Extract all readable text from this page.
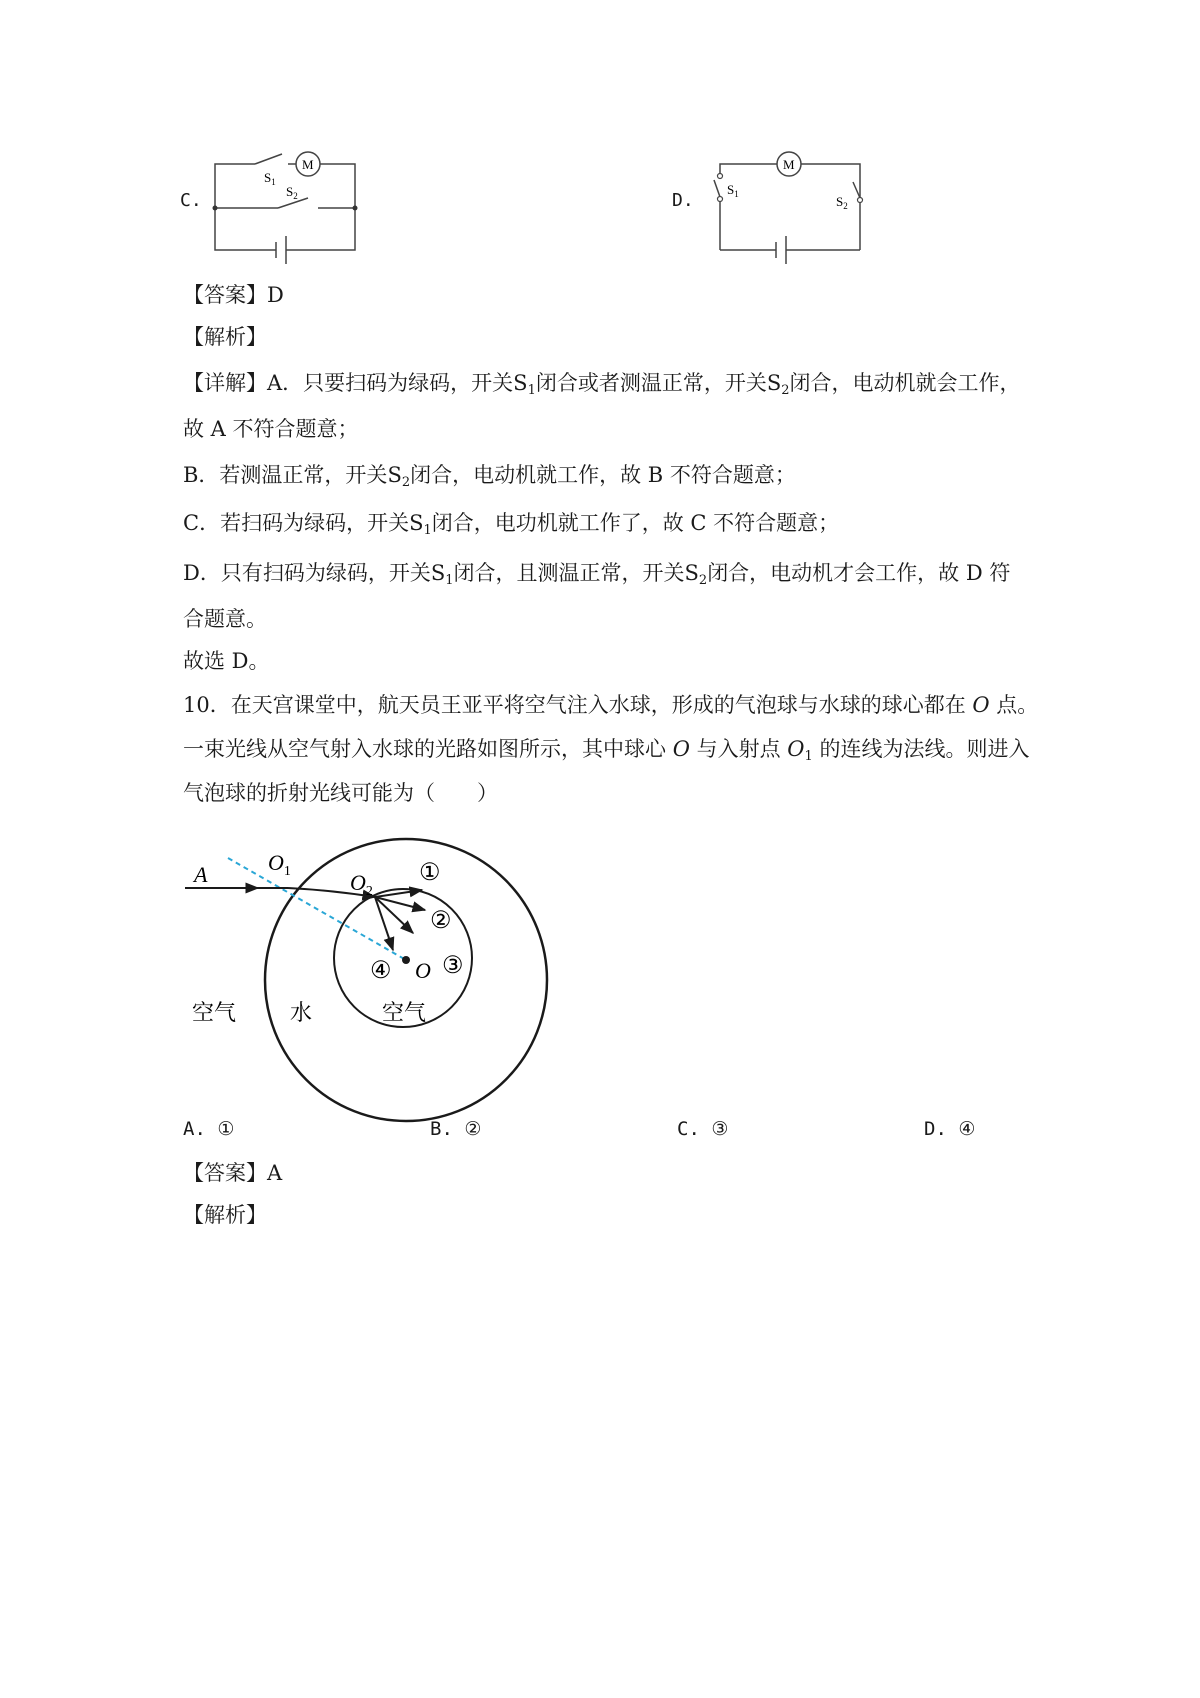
C.
M
$S_1$
$S_2$	D.
M
$S_1$	$S_2$
【答案】D
【解析】
【详解】A．只要扫码为绿码，开关$S_1$闭合或者测温正常，开关$S_2$闭合，电动机就会工作，
故 A 不符合题意；
B．若测温正常，开关$S_2$闭合，电动机就工作，故 B 不符合题意；
C．若扫码为绿码，开关$S_1$闭合，电功机就工作了，故 C 不符合题意；
D．只有扫码为绿码，开关$S_1$闭合，且测温正常，开关$S_2$闭合，电动机才会工作，故 D 符
合题意。
故选 D。
10．在天宫课堂中，航天员王亚平将空气注入水球，形成的气泡球与水球的球心都在 O 点。
一束光线从空气射入水球的光路如图所示，其中球心 O 与入射点 $O_1$ 的连线为法线。则进入
气泡球的折射光线可能为（　　）
A	$O_1$	$O_2$
O
①
②
③
④
空气 水	空气
A. ①	B. ②	C. ③	D. ④
【答案】A
【解析】
